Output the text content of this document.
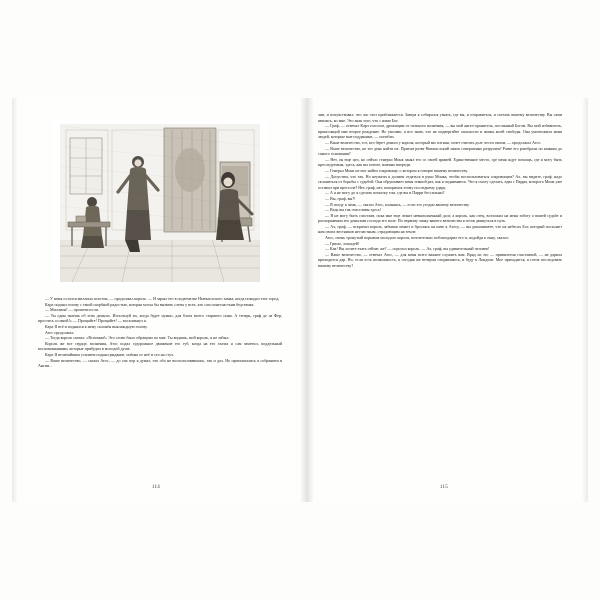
— У меня остался миллион золотом, — продолжал король. — И зарыл его в подземелье Ньюкаслского замка, когда покидал этот город.

Карл поднял голову с такой скорбной радостью, которая могла бы вызвать слезы у всех, кто сам понесчастьям бедствиях.

— Миллион! — прошептал он.

— Ты один знаешь об этих деньгах. Используй их, когда будет нужно, для блага моего старшего сына. А теперь, граф де ла Фер, простись со мной!» — Прощайте! Прощайте! — воскликнул я.

Карл II всё и поднялся к нему склонён выклаждную голову.

Атос продолжал:

— Тогда король сказал: «Вспомни!» Это слово было обращено ко мне. Ты видишь, мой король, я не забыл.

Король же все сердце, волнения, Атос подал судорожное движение его губ, когда на его глазах я сам заметил, поддельный воспоминаниями, которые прибудил в молодой душе.

Карл II величайшим усилием поднял рыдание, опёнка от неё и сел на стул.

— Ваше величество, — сказал Атос, — до сих пор я думал, что обо не воспользовавшись, так и дал. Но приглашались я собранием в Ангии...

114

лии, и почувствовал, что час этот приближается. Завтра я собирался узнать, где вы, и отправиться, и съехать вашему величеству. Вы сами явились, ко мне. Это знак того, что с нами Бог.

— Граф, — отвечал Карл голосом, дрожащим от сильного волнения, — вы мой ангел-хранитель, послaнный Богом. Вы мой избавитель, приносящий мне второе рождение. Но умоляю, я все знаю, что не подвергайте опасности и жизнь моей свободы. Она уничтожила меня людей, которые мне подданные, — погибли.

— Ваше величество, тот, кто берет деньги у короля, который вас изгнан, хочет считать долг чести своим, — продолжал Атос.

— Ваше величество, не тот день найти их. Притом разве Ньюкаслский замок совершенно разрушен? Разве его разобрали по камням до самого основания?

— Нет, он еще цел, но сейчас генерал Монк занял его со своей армией. Единственное место, где меня ждут помощь, где я могу быть преследуемым, здесь, как вы хотите, именно впереди.

— Генерал Монк не мог найти сокровище, о котором я говорю вашему величеству.

— Допустим, что так. Но неужели я должен отдаться в руки Монка, чтобы воспользоваться сокровищем? Ах, вы видите, граф, надо склониться от борьбы с судьбой. Она обрушивает меня земной раз, как я поднимаюсь. Что я смогу сделать, едва с Парри, которого Монк уже оставил при престоле? Нет, граф, нет, покоримся этому последнему удару.

— А я не могу до я сделать попытку том, где вы и Парри бессильны?

— Вы, граф, вы?!

— Я поеду к замк, — сказал Атос, кланяясь, — если это угодно вашему величеству.

— Ведь вы так счастливы здесь!

— Я не могу быть счастлив, пока мне еще лежит невыполненный долг, а король, как отец, возложил на меня заботу о вашей судьбе и распоряжении его деньгами господа его воле. По первому знаку вашего величества я готов двинуться в путь.

— Ах, граф, — вскричал король, забывая этикет и бросаясь на шею к Атосу, — вы доказываете, что на небесах Бог, который посылает нам своих вестников несчастным, страдающим на земле.

Атос, очень тронутый порывом молодого короля, почтительно поблагодарил его и, подойдя к окну, сказал:

— Гримо, лошадей!

— Как! Вы хотите ехать сейчас же? — спросил король. — Ах, граф, вы удивительный человек!

— Ваше величество, — отвечал Атос, — для меня всего важнее служить вам. Вряд ли это — привилегия счастливой, — не дарила приходится дар. Но, если есть возможность, я сегодня же вечером отправляюсь, и буду в Лондоне. Мое приходится, я готов последовать вашему величеству?

115
